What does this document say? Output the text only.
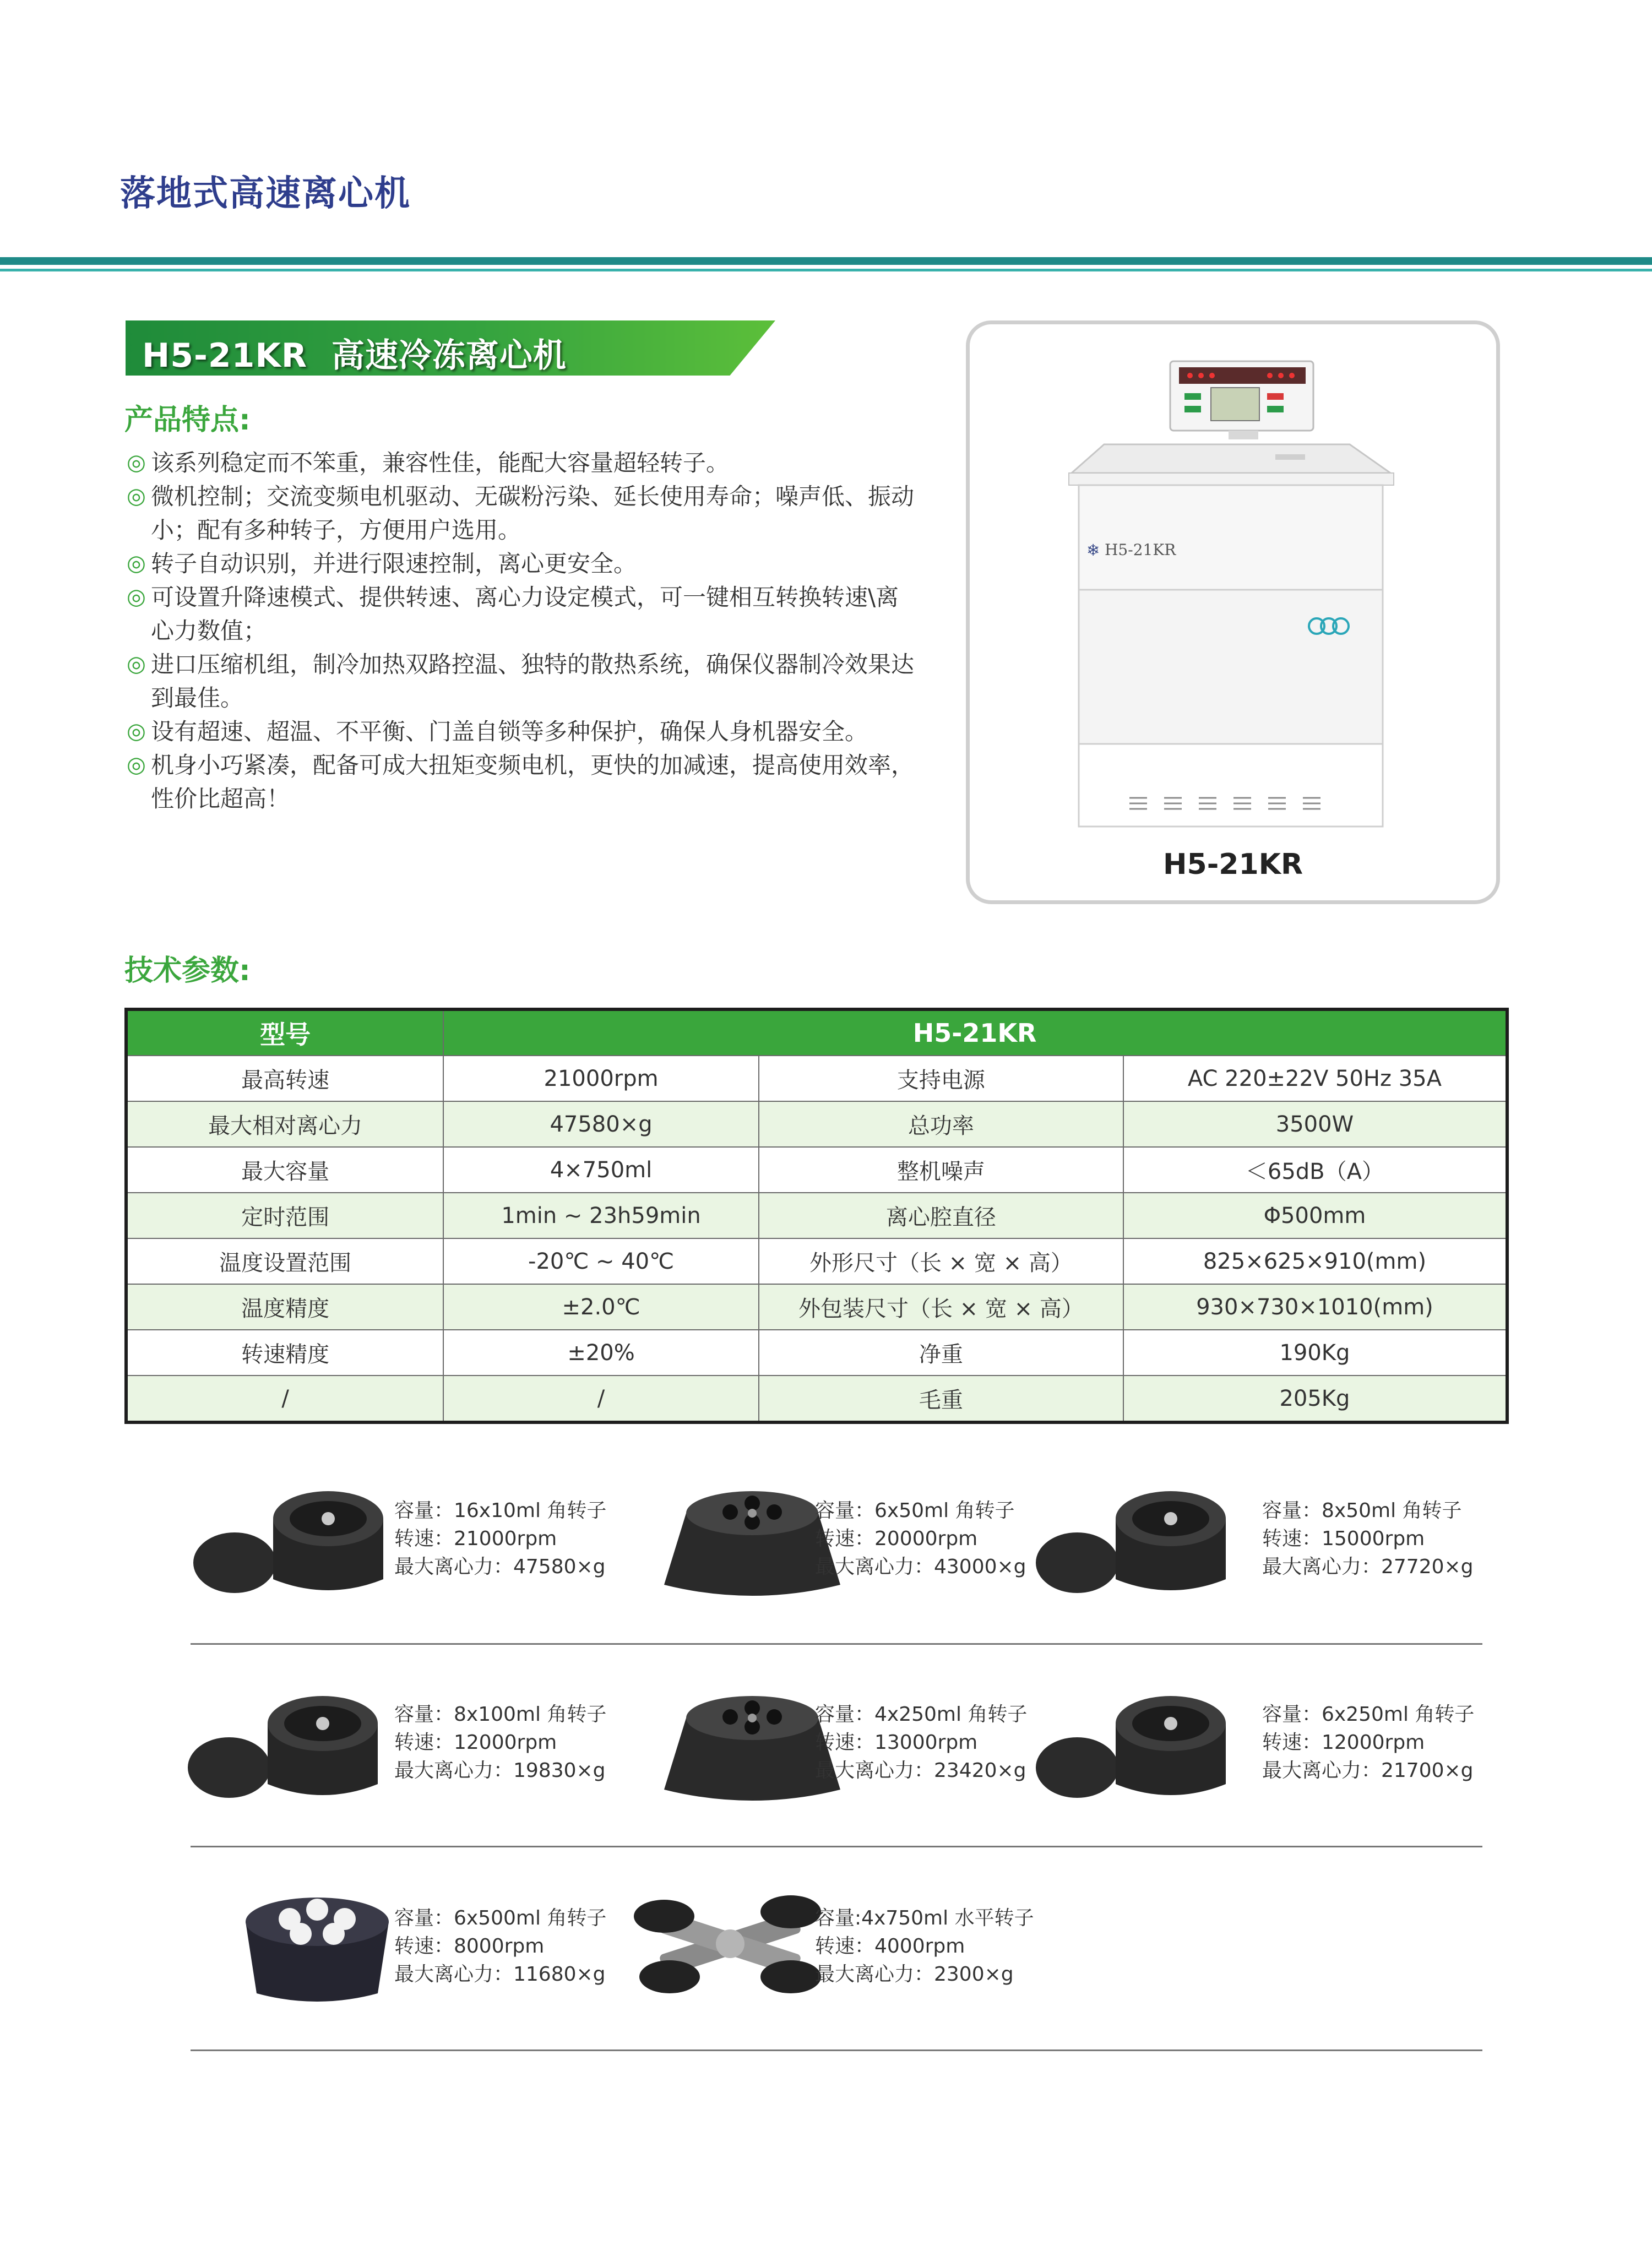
落地式高速离心机
H5-21KR  高速冷冻离心机
产品特点:
◎ 该系列稳定而不笨重，兼容性佳，能配大容量超轻转子。
◎ 微机控制；交流变频电机驱动、无碳粉污染、延长使用寿命；噪声低、振动小；配有多种转子，方便用户选用。
◎ 转子自动识别，并进行限速控制，离心更安全。
◎ 可设置升降速模式、提供转速、离心力设定模式，可一键相互转换转速\离心力数值；
◎ 进口压缩机组，制冷加热双路控温、独特的散热系统，确保仪器制冷效果达到最佳。
◎ 设有超速、超温、不平衡、门盖自锁等多种保护，确保人身机器安全。
◎ 机身小巧紧凑，配备可成大扭矩变频电机，更快的加减速，提高使用效率，性价比超高！
❄ H5-21KR
H5-21KR
技术参数:
型号	H5-21KR		
最高转速	21000rpm	支持电源	AC 220±22V 50Hz 35A
最大相对离心力	47580×g	总功率	3500W
最大容量	4×750ml	整机噪声	＜65dB（A）
定时范围	1min ~ 23h59min	离心腔直径	Φ500mm
温度设置范围	-20℃ ~ 40℃	外形尺寸（长 × 宽 × 高）	825×625×910(mm)
温度精度	±2.0℃	外包装尺寸（长 × 宽 × 高）	930×730×1010(mm)
转速精度	±20%	净重	190Kg
/	/	毛重	205Kg
容量：16x10ml 角转子
转速：21000rpm
最大离心力：47580×g
容量：6x50ml 角转子
转速：20000rpm
最大离心力：43000×g
容量：8x50ml 角转子
转速：15000rpm
最大离心力：27720×g
容量：8x100ml 角转子
转速：12000rpm
最大离心力：19830×g
容量：4x250ml 角转子
转速：13000rpm
最大离心力：23420×g
容量：6x250ml 角转子
转速：12000rpm
最大离心力：21700×g
容量：6x500ml 角转子
转速：8000rpm
最大离心力：11680×g
容量:4x750ml 水平转子
转速：4000rpm
最大离心力：2300×g
